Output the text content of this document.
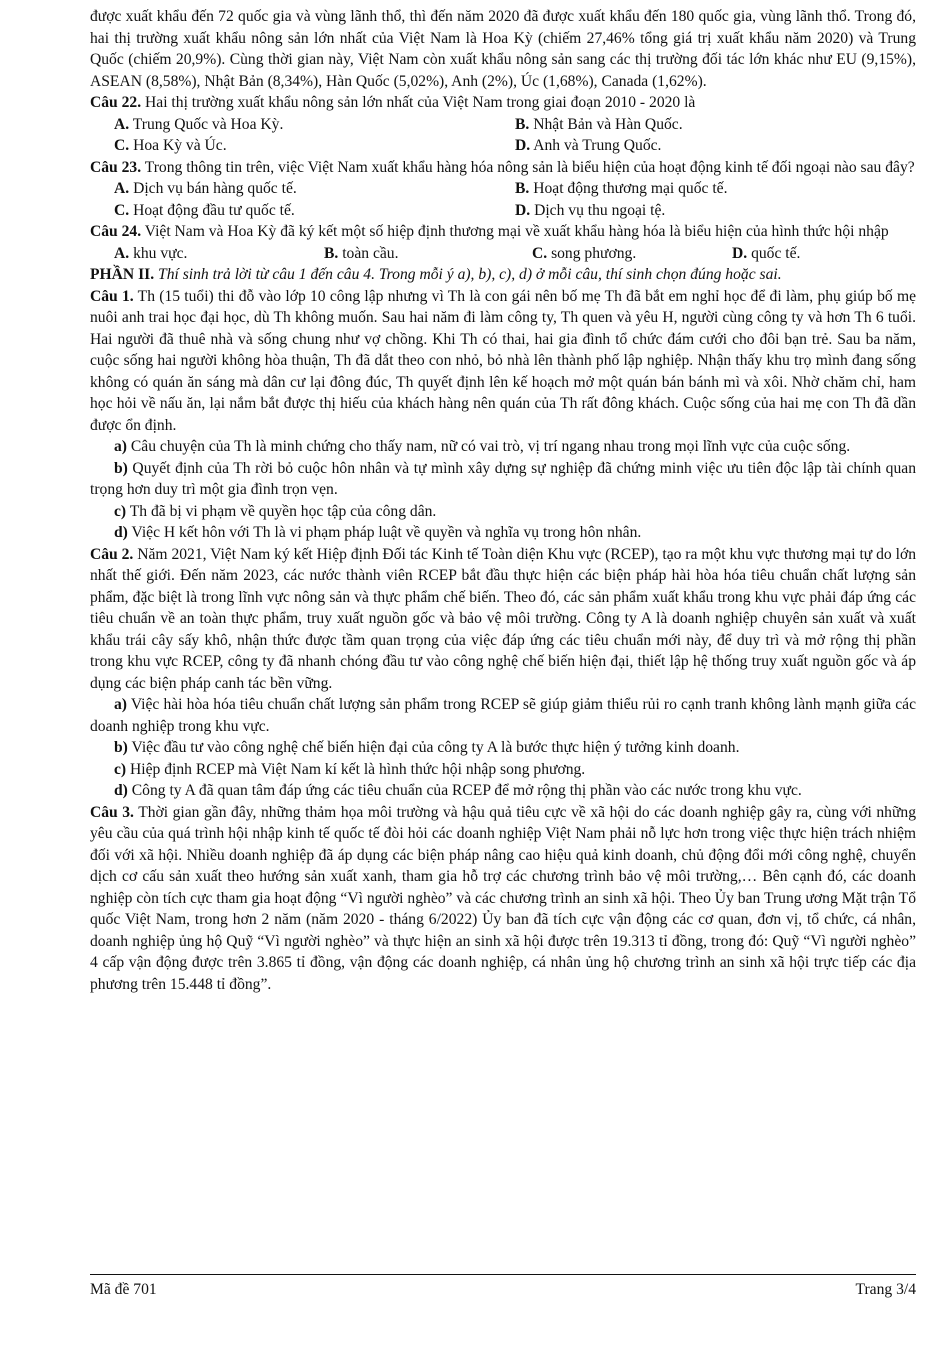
được xuất khẩu đến 72 quốc gia và vùng lãnh thổ, thì đến năm 2020 đã được xuất khẩu đến 180 quốc gia, vùng lãnh thổ. Trong đó, hai thị trường xuất khẩu nông sản lớn nhất của Việt Nam là Hoa Kỳ (chiếm 27,46% tổng giá trị xuất khẩu năm 2020) và Trung Quốc (chiếm 20,9%). Cùng thời gian này, Việt Nam còn xuất khẩu nông sản sang các thị trường đối tác lớn khác như EU (9,15%), ASEAN (8,58%), Nhật Bản (8,34%), Hàn Quốc (5,02%), Anh (2%), Úc (1,68%), Canada (1,62%).

Câu 22. Hai thị trường xuất khẩu nông sản lớn nhất của Việt Nam trong giai đoạn 2010 - 2020 là

A. Trung Quốc và Hoa Kỳ.	B. Nhật Bản và Hàn Quốc.
C. Hoa Kỳ và Úc.	D. Anh và Trung Quốc.

Câu 23. Trong thông tin trên, việc Việt Nam xuất khẩu hàng hóa nông sản là biểu hiện của hoạt động kinh tế đối ngoại nào sau đây?

A. Dịch vụ bán hàng quốc tế.	B. Hoạt động thương mại quốc tế.
C. Hoạt động đầu tư quốc tế.	D. Dịch vụ thu ngoại tệ.

Câu 24. Việt Nam và Hoa Kỳ đã ký kết một số hiệp định thương mại về xuất khẩu hàng hóa là biểu hiện của hình thức hội nhập

A. khu vực.	B. toàn cầu.	C. song phương.	D. quốc tế.

PHẦN II. Thí sinh trả lời từ câu 1 đến câu 4. Trong mỗi ý a), b), c), d) ở mỗi câu, thí sinh chọn đúng hoặc sai.

Câu 1. Th (15 tuổi) thi đỗ vào lớp 10 công lập nhưng vì Th là con gái nên bố mẹ Th đã bắt em nghỉ học để đi làm, phụ giúp bố mẹ nuôi anh trai học đại học, dù Th không muốn. Sau hai năm đi làm công ty, Th quen và yêu H, người cùng công ty và hơn Th 6 tuổi. Hai người đã thuê nhà và sống chung như vợ chồng. Khi Th có thai, hai gia đình tổ chức đám cưới cho đôi bạn trẻ. Sau ba năm, cuộc sống hai người không hòa thuận, Th đã dắt theo con nhỏ, bỏ nhà lên thành phố lập nghiệp. Nhận thấy khu trọ mình đang sống không có quán ăn sáng mà dân cư lại đông đúc, Th quyết định lên kế hoạch mở một quán bán bánh mì và xôi. Nhờ chăm chỉ, ham học hỏi về nấu ăn, lại nắm bắt được thị hiếu của khách hàng nên quán của Th rất đông khách. Cuộc sống của hai mẹ con Th đã dần được ổn định.

a) Câu chuyện của Th là minh chứng cho thấy nam, nữ có vai trò, vị trí ngang nhau trong mọi lĩnh vực của cuộc sống.

b) Quyết định của Th rời bỏ cuộc hôn nhân và tự mình xây dựng sự nghiệp đã chứng minh việc ưu tiên độc lập tài chính quan trọng hơn duy trì một gia đình trọn vẹn.

c) Th đã bị vi phạm về quyền học tập của công dân.

d) Việc H kết hôn với Th là vi phạm pháp luật về quyền và nghĩa vụ trong hôn nhân.

Câu 2. Năm 2021, Việt Nam ký kết Hiệp định Đối tác Kinh tế Toàn diện Khu vực (RCEP), tạo ra một khu vực thương mại tự do lớn nhất thế giới. Đến năm 2023, các nước thành viên RCEP bắt đầu thực hiện các biện pháp hài hòa hóa tiêu chuẩn chất lượng sản phẩm, đặc biệt là trong lĩnh vực nông sản và thực phẩm chế biến. Theo đó, các sản phẩm xuất khẩu trong khu vực phải đáp ứng các tiêu chuẩn về an toàn thực phẩm, truy xuất nguồn gốc và bảo vệ môi trường. Công ty A là doanh nghiệp chuyên sản xuất và xuất khẩu trái cây sấy khô, nhận thức được tầm quan trọng của việc đáp ứng các tiêu chuẩn mới này, để duy trì và mở rộng thị phần trong khu vực RCEP, công ty đã nhanh chóng đầu tư vào công nghệ chế biến hiện đại, thiết lập hệ thống truy xuất nguồn gốc và áp dụng các biện pháp canh tác bền vững.

a) Việc hài hòa hóa tiêu chuẩn chất lượng sản phẩm trong RCEP sẽ giúp giảm thiểu rủi ro cạnh tranh không lành mạnh giữa các doanh nghiệp trong khu vực.

b) Việc đầu tư vào công nghệ chế biến hiện đại của công ty A là bước thực hiện ý tưởng kinh doanh.

c) Hiệp định RCEP mà Việt Nam kí kết là hình thức hội nhập song phương.

d) Công ty A đã quan tâm đáp ứng các tiêu chuẩn của RCEP để mở rộng thị phần vào các nước trong khu vực.

Câu 3. Thời gian gần đây, những thảm họa môi trường và hậu quả tiêu cực về xã hội do các doanh nghiệp gây ra, cùng với những yêu cầu của quá trình hội nhập kinh tế quốc tế đòi hỏi các doanh nghiệp Việt Nam phải nỗ lực hơn trong việc thực hiện trách nhiệm đối với xã hội. Nhiều doanh nghiệp đã áp dụng các biện pháp nâng cao hiệu quả kinh doanh, chủ động đổi mới công nghệ, chuyển dịch cơ cấu sản xuất theo hướng sản xuất xanh, tham gia hỗ trợ các chương trình bảo vệ môi trường,… Bên cạnh đó, các doanh nghiệp còn tích cực tham gia hoạt động “Vì người nghèo” và các chương trình an sinh xã hội. Theo Ủy ban Trung ương Mặt trận Tổ quốc Việt Nam, trong hơn 2 năm (năm 2020 - tháng 6/2022) Ủy ban đã tích cực vận động các cơ quan, đơn vị, tổ chức, cá nhân, doanh nghiệp ủng hộ Quỹ “Vì người nghèo” và thực hiện an sinh xã hội được trên 19.313 tỉ đồng, trong đó: Quỹ “Vì người nghèo” 4 cấp vận động được trên 3.865 tỉ đồng, vận động các doanh nghiệp, cá nhân ủng hộ chương trình an sinh xã hội trực tiếp các địa phương trên 15.448 tỉ đồng”.

Mã đề 701	Trang 3/4
